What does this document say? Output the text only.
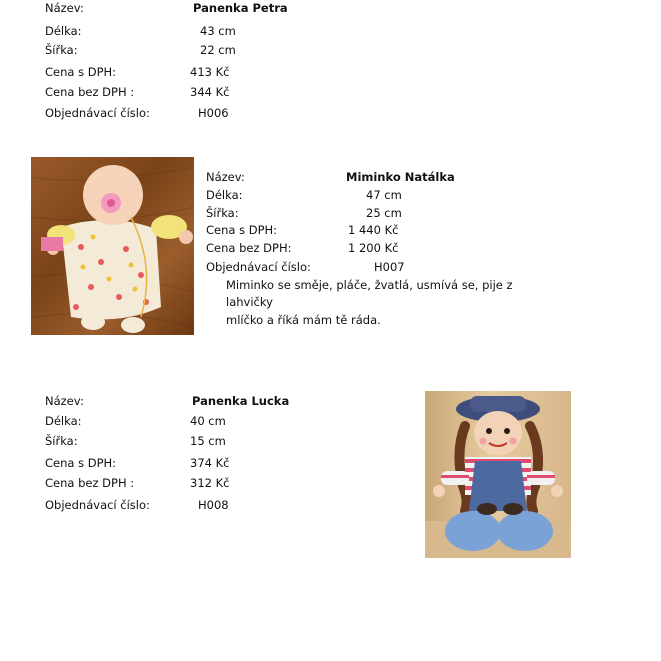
Název:	Panenka Petra
Délka:	43 cm
Šířka:	22 cm
Cena s DPH:	413 Kč
Cena bez DPH :	344 Kč
Objednávací číslo:	H006
Název:	Miminko Natálka
Délka:	47 cm
Šířka:	25 cm
Cena s DPH:	1 440 Kč
Cena bez DPH:	1 200 Kč
Objednávací číslo:	H007
Miminko se směje, pláče, žvatlá, usmívá se, pije z
lahvičky
mlíčko a říká mám tě ráda.
Název:	Panenka Lucka
Délka:	40 cm
Šířka:	15 cm
Cena s DPH:	374 Kč
Cena bez DPH :	312 Kč
Objednávací číslo:	H008
